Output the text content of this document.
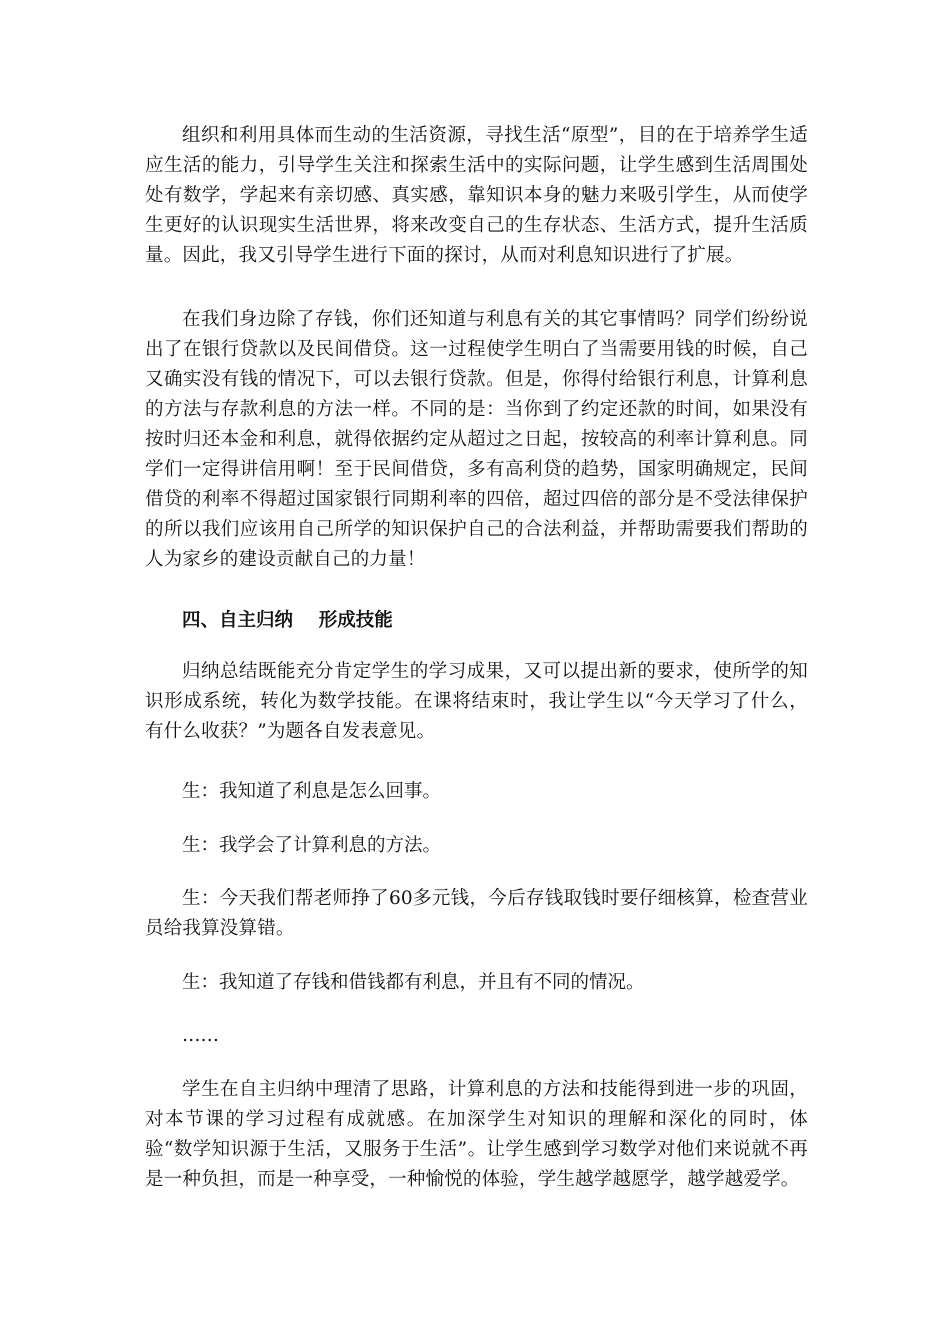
组织和利用具体而生动的生活资源，寻找生活“原型”，目的在于培养学生适应生活的能力，引导学生关注和探索生活中的实际问题，让学生感到生活周围处处有数学，学起来有亲切感、真实感，靠知识本身的魅力来吸引学生，从而使学生更好的认识现实生活世界，将来改变自己的生存状态、生活方式，提升生活质量。因此，我又引导学生进行下面的探讨，从而对利息知识进行了扩展。

在我们身边除了存钱，你们还知道与利息有关的其它事情吗？同学们纷纷说出了在银行贷款以及民间借贷。这一过程使学生明白了当需要用钱的时候，自己又确实没有钱的情况下，可以去银行贷款。但是，你得付给银行利息，计算利息的方法与存款利息的方法一样。不同的是：当你到了约定还款的时间，如果没有按时归还本金和利息，就得依据约定从超过之日起，按较高的利率计算利息。同学们一定得讲信用啊！至于民间借贷，多有高利贷的趋势，国家明确规定，民间借贷的利率不得超过国家银行同期利率的四倍，超过四倍的部分是不受法律保护的所以我们应该用自己所学的知识保护自己的合法利益，并帮助需要我们帮助的人为家乡的建设贡献自己的力量！

四、自主归纳    形成技能

归纳总结既能充分肯定学生的学习成果，又可以提出新的要求，使所学的知识形成系统，转化为数学技能。在课将结束时，我让学生以“今天学习了什么，有什么收获？”为题各自发表意见。

生：我知道了利息是怎么回事。

生：我学会了计算利息的方法。

生：今天我们帮老师挣了60多元钱，今后存钱取钱时要仔细核算，检查营业员给我算没算错。

生：我知道了存钱和借钱都有利息，并且有不同的情况。

……

学生在自主归纳中理清了思路，计算利息的方法和技能得到进一步的巩固，对本节课的学习过程有成就感。在加深学生对知识的理解和深化的同时，体验“数学知识源于生活，又服务于生活”。让学生感到学习数学对他们来说就不再是一种负担，而是一种享受，一种愉悦的体验，学生越学越愿学，越学越爱学。
